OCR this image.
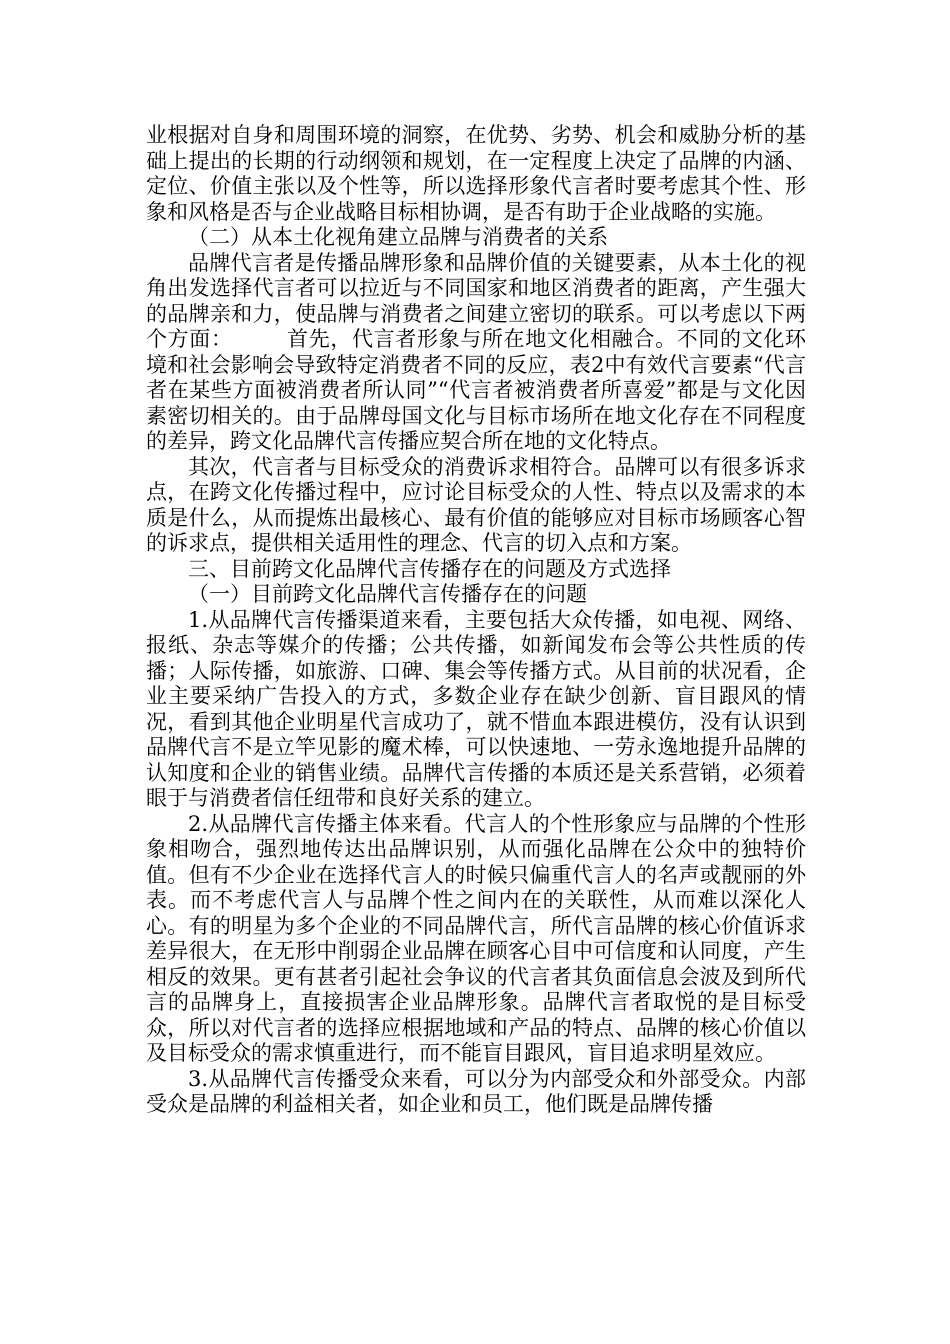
业根据对自身和周围环境的洞察，在优势、劣势、机会和威胁分析的基础上提出的长期的行动纲领和规划，在一定程度上决定了品牌的内涵、定位、价值主张以及个性等，所以选择形象代言者时要考虑其个性、形象和风格是否与企业战略目标相协调，是否有助于企业战略的实施。

（二）从本土化视角建立品牌与消费者的关系

品牌代言者是传播品牌形象和品牌价值的关键要素，从本土化的视角出发选择代言者可以拉近与不同国家和地区消费者的距离，产生强大的品牌亲和力，使品牌与消费者之间建立密切的联系。可以考虑以下两个方面：　　　首先，代言者形象与所在地文化相融合。不同的文化环境和社会影响会导致特定消费者不同的反应，表2中有效代言要素“代言者在某些方面被消费者所认同”“代言者被消费者所喜爱”都是与文化因素密切相关的。由于品牌母国文化与目标市场所在地文化存在不同程度的差异，跨文化品牌代言传播应契合所在地的文化特点。

其次，代言者与目标受众的消费诉求相符合。品牌可以有很多诉求点，在跨文化传播过程中，应讨论目标受众的人性、特点以及需求的本质是什么，从而提炼出最核心、最有价值的能够应对目标市场顾客心智的诉求点，提供相关适用性的理念、代言的切入点和方案。

三、目前跨文化品牌代言传播存在的问题及方式选择

（一）目前跨文化品牌代言传播存在的问题

1.从品牌代言传播渠道来看，主要包括大众传播，如电视、网络、报纸、杂志等媒介的传播；公共传播，如新闻发布会等公共性质的传播；人际传播，如旅游、口碑、集会等传播方式。从目前的状况看，企业主要采纳广告投入的方式，多数企业存在缺少创新、盲目跟风的情况，看到其他企业明星代言成功了，就不惜血本跟进模仿，没有认识到品牌代言不是立竿见影的魔术棒，可以快速地、一劳永逸地提升品牌的认知度和企业的销售业绩。品牌代言传播的本质还是关系营销，必须着眼于与消费者信任纽带和良好关系的建立。

2.从品牌代言传播主体来看。代言人的个性形象应与品牌的个性形象相吻合，强烈地传达出品牌识别，从而强化品牌在公众中的独特价值。但有不少企业在选择代言人的时候只偏重代言人的名声或靓丽的外表。而不考虑代言人与品牌个性之间内在的关联性，从而难以深化人心。有的明星为多个企业的不同品牌代言，所代言品牌的核心价值诉求差异很大，在无形中削弱企业品牌在顾客心目中可信度和认同度，产生相反的效果。更有甚者引起社会争议的代言者其负面信息会波及到所代言的品牌身上，直接损害企业品牌形象。品牌代言者取悦的是目标受众，所以对代言者的选择应根据地域和产品的特点、品牌的核心价值以及目标受众的需求慎重进行，而不能盲目跟风，盲目追求明星效应。

3.从品牌代言传播受众来看，可以分为内部受众和外部受众。内部受众是品牌的利益相关者，如企业和员工，他们既是品牌传播
